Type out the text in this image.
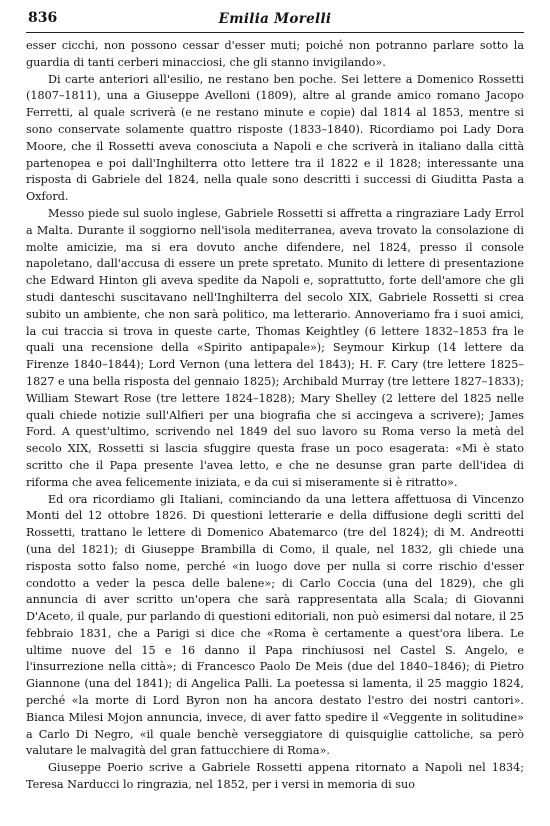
836	Emilia Morelli

esser cicchi, non possono cessar d'esser muti; poiché non potranno parlare sotto la guardia di tanti cerberi minacciosi, che gli stanno invigilando».

Di carte anteriori all'esilio, ne restano ben poche. Sei lettere a Domenico Rossetti (1807–1811), una a Giuseppe Avelloni (1809), altre al grande amico romano Jacopo Ferretti, al quale scriverà (e ne restano minute e copie) dal 1814 al 1853, mentre si sono conservate solamente quattro risposte (1833–1840). Ricordiamo poi Lady Dora Moore, che il Rossetti aveva conosciuta a Napoli e che scriverà in italiano dalla città partenopea e poi dall'Inghilterra otto lettere tra il 1822 e il 1828; interessante una risposta di Gabriele del 1824, nella quale sono descritti i successi di Giuditta Pasta a Oxford.

Messo piede sul suolo inglese, Gabriele Rossetti si affretta a ringraziare Lady Errol a Malta. Durante il soggiorno nell'isola mediterranea, aveva trovato la consolazione di molte amicizie, ma si era dovuto anche difendere, nel 1824, presso il console napoletano, dall'accusa di essere un prete spretato. Munito di lettere di presentazione che Edward Hinton gli aveva spedite da Napoli e, soprattutto, forte dell'amore che gli studi danteschi suscitavano nell'Inghilterra del secolo XIX, Gabriele Rossetti si crea subito un ambiente, che non sarà politico, ma letterario. Annoveriamo fra i suoi amici, la cui traccia si trova in queste carte, Thomas Keightley (6 lettere 1832–1853 fra le quali una recensione della «Spirito antipapale»); Seymour Kirkup (14 lettere da Firenze 1840–1844); Lord Vernon (una lettera del 1843); H. F. Cary (tre lettere 1825–1827 e una bella risposta del gennaio 1825); Archibald Murray (tre lettere 1827–1833); William Stewart Rose (tre lettere 1824–1828); Mary Shelley (2 lettere del 1825 nelle quali chiede notizie sull'Alfieri per una biografia che si accingeva a scrivere); James Ford. A quest'ultimo, scrivendo nel 1849 del suo lavoro su Roma verso la metà del secolo XIX, Rossetti si lascia sfuggire questa frase un poco esagerata: «Mi è stato scritto che il Papa presente l'avea letto, e che ne desunse gran parte dell'idea di riforma che avea felicemente iniziata, e da cui si miseramente si è ritratto».

Ed ora ricordiamo gli Italiani, cominciando da una lettera affettuosa di Vincenzo Monti del 12 ottobre 1826. Di questioni letterarie e della diffusione degli scritti del Rossetti, trattano le lettere di Domenico Abatemarco (tre del 1824); di M. Andreotti (una del 1821); di Giuseppe Brambilla di Como, il quale, nel 1832, gli chiede una risposta sotto falso nome, perché «in luogo dove per nulla si corre rischio d'esser condotto a veder la pesca delle balene»; di Carlo Coccia (una del 1829), che gli annuncia di aver scritto un'opera che sarà rappresentata alla Scala; di Giovanni D'Aceto, il quale, pur parlando di questioni editoriali, non può esimersi dal notare, il 25 febbraio 1831, che a Parigi si dice che «Roma è certamente a quest'ora libera. Le ultime nuove del 15 e 16 danno il Papa rinchiusosi nel Castel S. Angelo, e l'insurrezione nella città»; di Francesco Paolo De Meis (due del 1840–1846); di Pietro Giannone (una del 1841); di Angelica Palli. La poetessa si lamenta, il 25 maggio 1824, perché «la morte di Lord Byron non ha ancora destato l'estro dei nostri cantori». Bianca Milesi Mojon annuncia, invece, di aver fatto spedire il «Veggente in solitudine» a Carlo Di Negro, «il quale benchè verseggiatore di quisquiglie cattoliche, sa però valutare le malvagità del gran fattucchiere di Roma».

Giuseppe Poerio scrive a Gabriele Rossetti appena ritornato a Napoli nel 1834; Teresa Narducci lo ringrazia, nel 1852, per i versi in memoria di suo
